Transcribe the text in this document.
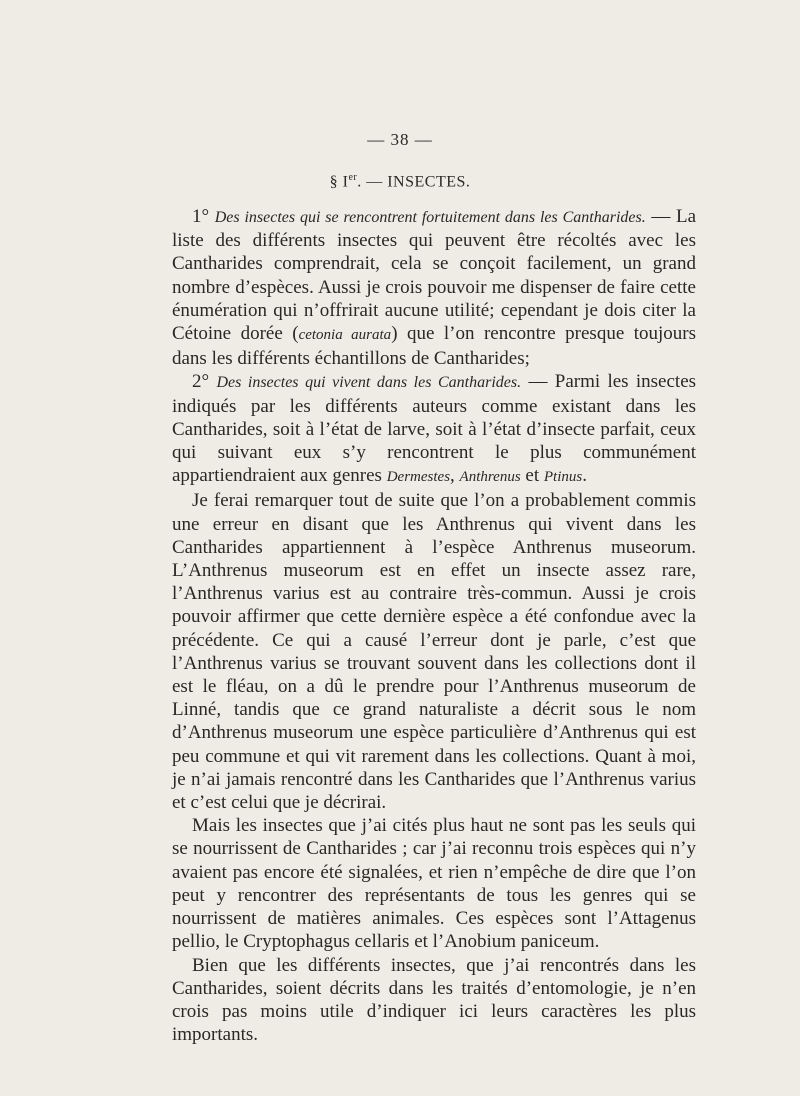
— 38 —
§ Ier. — INSECTES.

1° Des insectes qui se rencontrent fortuitement dans les Cantharides. — La liste des différents insectes qui peuvent être récoltés avec les Cantharides comprendrait, cela se conçoit facilement, un grand nombre d’espèces. Aussi je crois pouvoir me dispenser de faire cette énumération qui n’offrirait aucune utilité; cependant je dois citer la Cétoine dorée (cetonia aurata) que l’on rencontre presque toujours dans les différents échantillons de Cantharides;

2° Des insectes qui vivent dans les Cantharides. — Parmi les insectes indiqués par les différents auteurs comme existant dans les Cantharides, soit à l’état de larve, soit à l’état d’insecte parfait, ceux qui suivant eux s’y rencontrent le plus communément appartiendraient aux genres Dermestes, Anthrenus et Ptinus.

Je ferai remarquer tout de suite que l’on a probablement commis une erreur en disant que les Anthrenus qui vivent dans les Cantharides appartiennent à l’espèce Anthrenus museorum. L’Anthrenus museorum est en effet un insecte assez rare, l’Anthrenus varius est au contraire très-commun. Aussi je crois pouvoir affirmer que cette dernière espèce a été confondue avec la précédente. Ce qui a causé l’erreur dont je parle, c’est que l’Anthrenus varius se trouvant souvent dans les collections dont il est le fléau, on a dû le prendre pour l’Anthrenus museorum de Linné, tandis que ce grand naturaliste a décrit sous le nom d’Anthrenus museorum une espèce particulière d’Anthrenus qui est peu commune et qui vit rarement dans les collections. Quant à moi, je n’ai jamais rencontré dans les Cantharides que l’Anthrenus varius et c’est celui que je décrirai.

Mais les insectes que j’ai cités plus haut ne sont pas les seuls qui se nourrissent de Cantharides ; car j’ai reconnu trois espèces qui n’y avaient pas encore été signalées, et rien n’empêche de dire que l’on peut y rencontrer des représentants de tous les genres qui se nourrissent de matières animales. Ces espèces sont l’Attagenus pellio, le Cryptophagus cellaris et l’Anobium paniceum.

Bien que les différents insectes, que j’ai rencontrés dans les Cantharides, soient décrits dans les traités d’entomologie, je n’en crois pas moins utile d’indiquer ici leurs caractères les plus importants.
